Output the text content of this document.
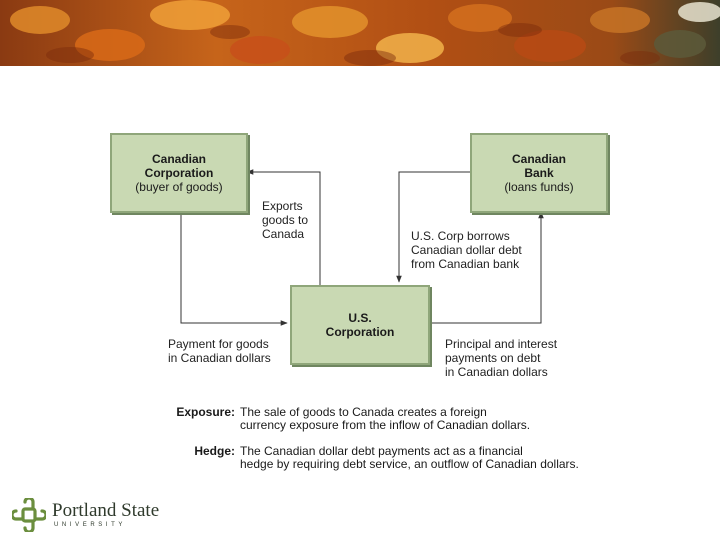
Canadian Corporation
(buyer of goods)
Canadian Bank
(loans funds)
U.S. Corporation
Exports
goods to
Canada	U.S. Corp borrows
Canadian dollar debt
from Canadian bank
Payment for goods
in Canadian dollars
Principal and interest
payments on debt
in Canadian dollars
Exposure: The sale of goods to Canada creates a foreign
currency exposure from the inflow of Canadian dollars.
Hedge: The Canadian dollar debt payments act as a financial
hedge by requiring debt service, an outflow of Canadian dollars.
Portland State
UNIVERSITY
